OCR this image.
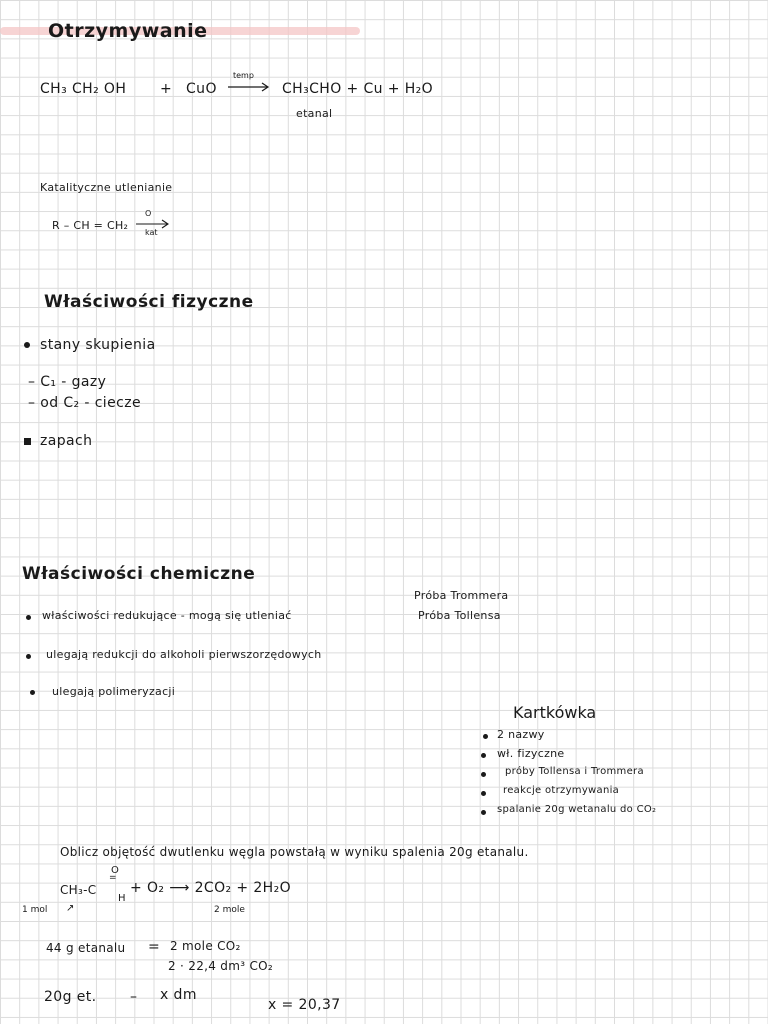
Otrzymywanie
CH₃ CH₂ OH + CuO
temp
CH₃CHO + Cu + H₂O
etanal
Katalityczne utlenianie
R – CH = CH₂
O
kat
Właściwości fizyczne
stany skupienia
– C₁ - gazy
– od C₂ - ciecze
zapach
Właściwości chemiczne
właściwości redukujące - mogą się utleniać
ulegają redukcji do alkoholi pierwszorzędowych
ulegają polimeryzacji
Próba Trommera
Próba Tollensa
Kartkówka
2 nazwy
wł. fizyczne
próby Tollensa i Trommera
reakcje otrzymywania
spalanie 20g wetanalu do CO₂
Oblicz objętość dwutlenku węgla powstałą w wyniku spalenia 20g etanalu.
O
=
CH₃-C
H
+ O₂ ⟶ 2CO₂ + 2H₂O
1 mol ↗	2 mole
44 g etanalu = 2 mole CO₂
2 · 22,4 dm³ CO₂
20g et. – x dm
x = 20,37
